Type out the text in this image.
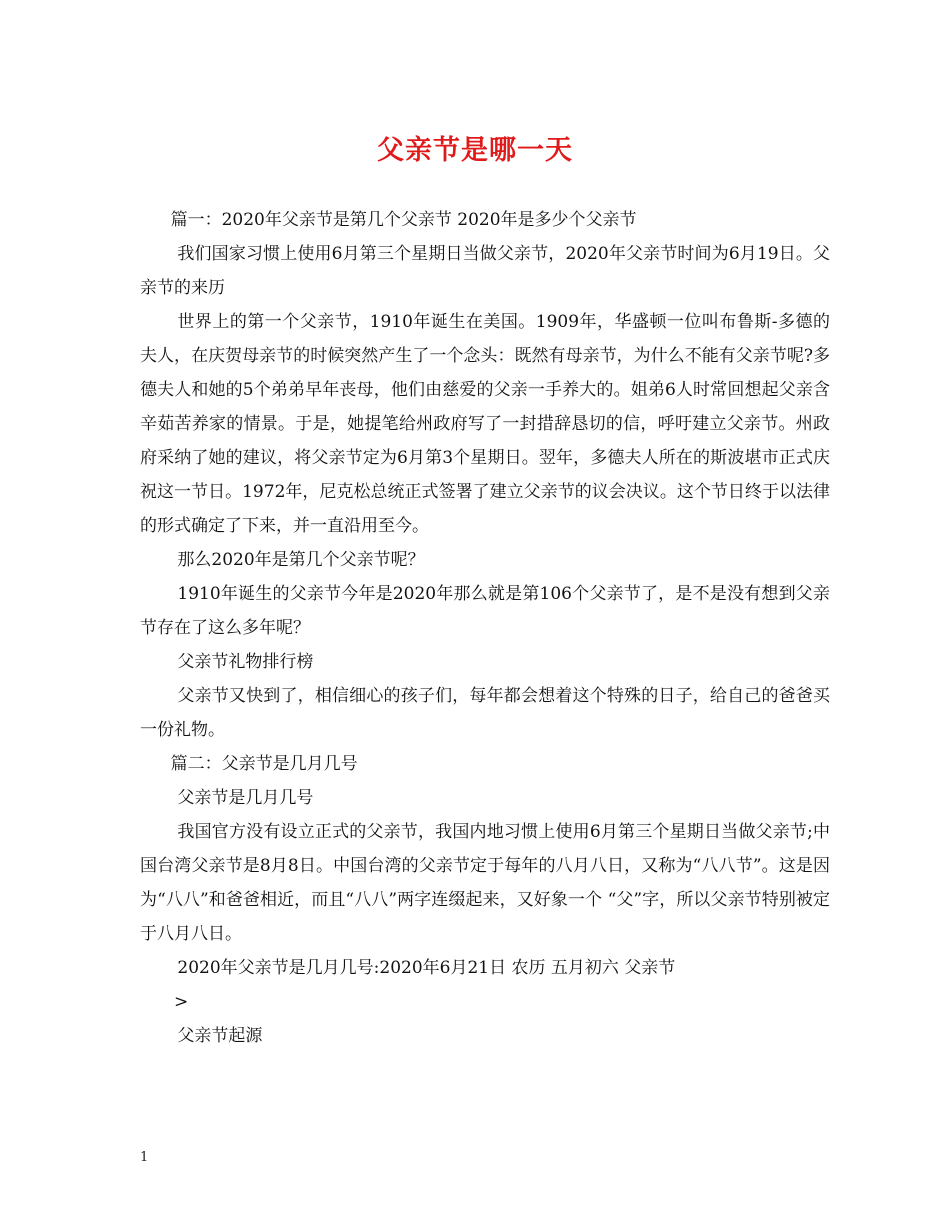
父亲节是哪一天

篇一：2020年父亲节是第几个父亲节 2020年是多少个父亲节

我们国家习惯上使用6月第三个星期日当做父亲节，2020年父亲节时间为6月19日。父亲节的来历

世界上的第一个父亲节，1910年诞生在美国。1909年，华盛顿一位叫布鲁斯-多德的夫人，在庆贺母亲节的时候突然产生了一个念头：既然有母亲节，为什么不能有父亲节呢?多德夫人和她的5个弟弟早年丧母，他们由慈爱的父亲一手养大的。姐弟6人时常回想起父亲含辛茹苦养家的情景。于是，她提笔给州政府写了一封措辞恳切的信，呼吁建立父亲节。州政府采纳了她的建议，将父亲节定为6月第3个星期日。翌年，多德夫人所在的斯波堪市正式庆祝这一节日。1972年，尼克松总统正式签署了建立父亲节的议会决议。这个节日终于以法律的形式确定了下来，并一直沿用至今。

那么2020年是第几个父亲节呢？

1910年诞生的父亲节今年是2020年那么就是第106个父亲节了，是不是没有想到父亲节存在了这么多年呢？

父亲节礼物排行榜

父亲节又快到了，相信细心的孩子们，每年都会想着这个特殊的日子，给自己的爸爸买一份礼物。

篇二：父亲节是几月几号

父亲节是几月几号

我国官方没有设立正式的父亲节，我国内地习惯上使用6月第三个星期日当做父亲节;中国台湾父亲节是8月8日。中国台湾的父亲节定于每年的八月八日，又称为“八八节”。这是因为“八八”和爸爸相近，而且“八八”两字连缀起来，又好象一个 “父”字，所以父亲节特别被定于八月八日。

2020年父亲节是几月几号:2020年6月21日 农历 五月初六 父亲节

>

父亲节起源

1
